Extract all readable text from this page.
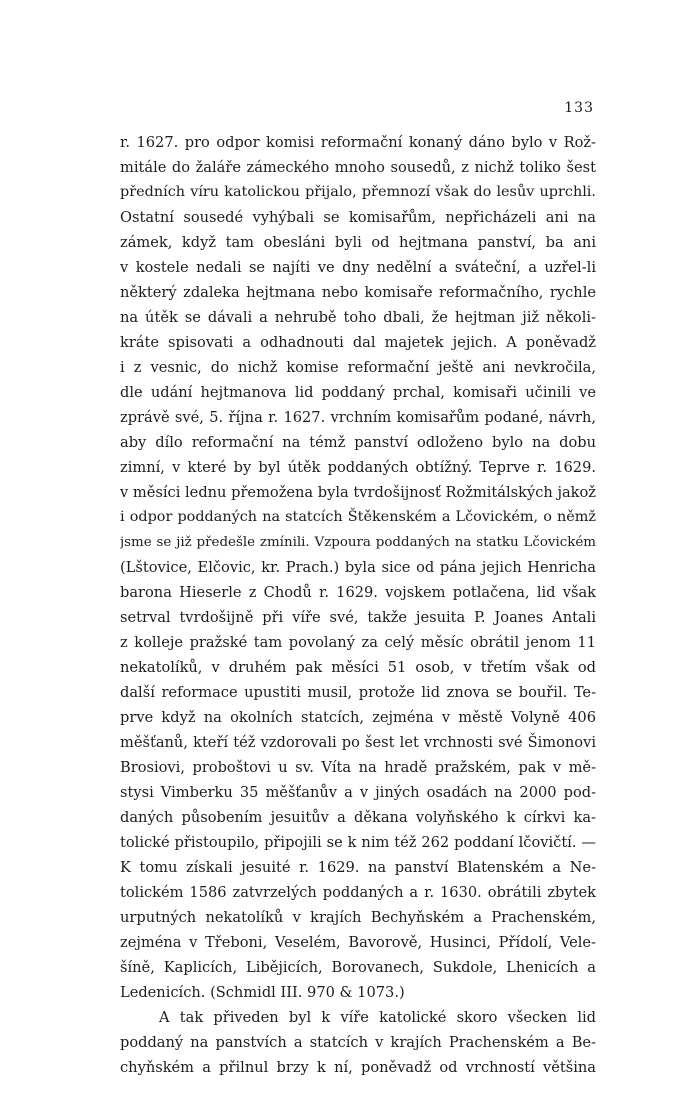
133
r. 1627. pro odpor komisi reformační konaný dáno bylo v Rož-
mitále do žaláře zámeckého mnoho sousedů, z nichž toliko šest
předních víru katolickou přijalo, přemnozí však do lesův uprchli.
Ostatní sousedé vyhýbali se komisařům, nepřicházeli ani na
zámek, když tam obesláni byli od hejtmana panství, ba ani
v kostele nedali se najíti ve dny nedělní a sváteční, a uzřel-li
některý zdaleka hejtmana nebo komisaře reformačního, rychle
na útěk se dávali a nehrubě toho dbali, že hejtman již několi-
kráte spisovati a odhadnouti dal majetek jejich. A poněvadž
i z vesnic, do nichž komise reformační ještě ani nevkročila,
dle udání hejtmanova lid poddaný prchal, komisaři učinili ve
zprávě své, 5. října r. 1627. vrchním komisařům podané, návrh,
aby dílo reformační na témž panství odloženo bylo na dobu
zimní, v které by byl útěk poddaných obtížný. Teprve r. 1629.
v měsíci lednu přemožena byla tvrdošijnosť Rožmitálských jakož
i odpor poddaných na statcích Štěkenském a Lčovickém, o němž
jsme se již předešle zmínili. Vzpoura poddaných na statku Lčovickém
(Lštovice, Elčovic, kr. Prach.) byla sice od pána jejich Henricha
barona Hieserle z Chodů r. 1629. vojskem potlačena, lid však
setrval tvrdošijně při víře své, takže jesuita P. Joanes Antali
z kolleje pražské tam povolaný za celý měsíc obrátil jenom 11
nekatolíků, v druhém pak měsíci 51 osob, v třetím však od
další reformace upustiti musil, protože lid znova se bouřil. Te-
prve když na okolních statcích, zejména v městě Volyně 406
měšťanů, kteří též vzdorovali po šest let vrchnosti své Šimonovi
Brosiovi, proboštovi u sv. Víta na hradě pražském, pak v mě-
stysi Vimberku 35 měšťanův a v jiných osadách na 2000 pod-
daných působením jesuitův a děkana volyňského k církvi ka-
tolické přistoupilo, připojili se k nim též 262 poddaní lčovičtí. —
K tomu získali jesuité r. 1629. na panství Blatenském a Ne-
tolickém 1586 zatvrzelých poddaných a r. 1630. obrátili zbytek
urputných nekatolíků v krajích Bechyňském a Prachenském,
zejména v Třeboni, Veselém, Bavorově, Husinci, Přídolí, Vele-
šíně, Kaplicích, Libějicích, Borovanech, Sukdole, Lhenicích a
Ledenicích. (Schmidl III. 970 & 1073.)
A tak přiveden byl k víře katolické skoro všecken lid
poddaný na panstvích a statcích v krajích Prachenském a Be-
chyňském a přilnul brzy k ní, poněvadž od vrchností většina
